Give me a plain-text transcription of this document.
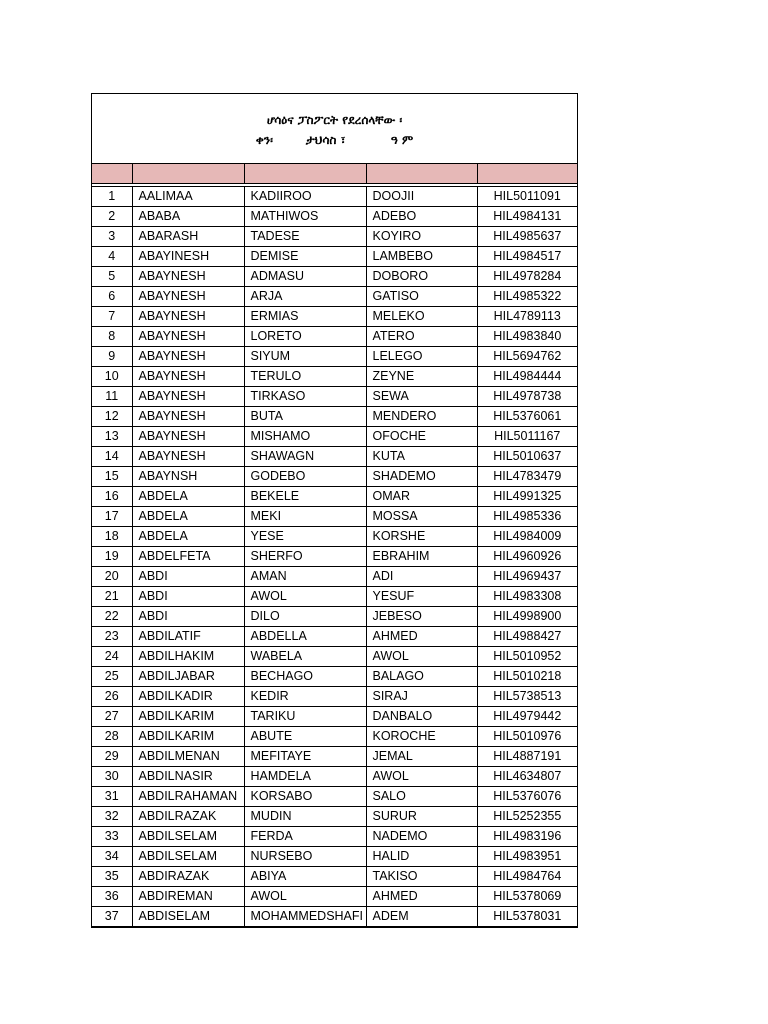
ሆሳዕና ፓስፖርት የደረሰላቸው ፡
ቀን፡	ታህሳስ ፣	ዓ ም

1	AALIMAA	KADIIROO	DOOJII	HIL5011091
2	ABABA	MATHIWOS	ADEBO	HIL4984131
3	ABARASH	TADESE	KOYIRO	HIL4985637
4	ABAYINESH	DEMISE	LAMBEBO	HIL4984517
5	ABAYNESH	ADMASU	DOBORO	HIL4978284
6	ABAYNESH	ARJA	GATISO	HIL4985322
7	ABAYNESH	ERMIAS	MELEKO	HIL4789113
8	ABAYNESH	LORETO	ATERO	HIL4983840
9	ABAYNESH	SIYUM	LELEGO	HIL5694762
10	ABAYNESH	TERULO	ZEYNE	HIL4984444
11	ABAYNESH	TIRKASO	SEWA	HIL4978738
12	ABAYNESH	BUTA	MENDERO	HIL5376061
13	ABAYNESH	MISHAMO	OFOCHE	HIL5011167
14	ABAYNESH	SHAWAGN	KUTA	HIL5010637
15	ABAYNSH	GODEBO	SHADEMO	HIL4783479
16	ABDELA	BEKELE	OMAR	HIL4991325
17	ABDELA	MEKI	MOSSA	HIL4985336
18	ABDELA	YESE	KORSHE	HIL4984009
19	ABDELFETA	SHERFO	EBRAHIM	HIL4960926
20	ABDI	AMAN	ADI	HIL4969437
21	ABDI	AWOL	YESUF	HIL4983308
22	ABDI	DILO	JEBESO	HIL4998900
23	ABDILATIF	ABDELLA	AHMED	HIL4988427
24	ABDILHAKIM	WABELA	AWOL	HIL5010952
25	ABDILJABAR	BECHAGO	BALAGO	HIL5010218
26	ABDILKADIR	KEDIR	SIRAJ	HIL5738513
27	ABDILKARIM	TARIKU	DANBALO	HIL4979442
28	ABDILKARIM	ABUTE	KOROCHE	HIL5010976
29	ABDILMENAN	MEFITAYE	JEMAL	HIL4887191
30	ABDILNASIR	HAMDELA	AWOL	HIL4634807
31	ABDILRAHAMAN	KORSABO	SALO	HIL5376076
32	ABDILRAZAK	MUDIN	SURUR	HIL5252355
33	ABDILSELAM	FERDA	NADEMO	HIL4983196
34	ABDILSELAM	NURSEBO	HALID	HIL4983951
35	ABDIRAZAK	ABIYA	TAKISO	HIL4984764
36	ABDIREMAN	AWOL	AHMED	HIL5378069
37	ABDISELAM	MOHAMMEDSHAFI	ADEM	HIL5378031
